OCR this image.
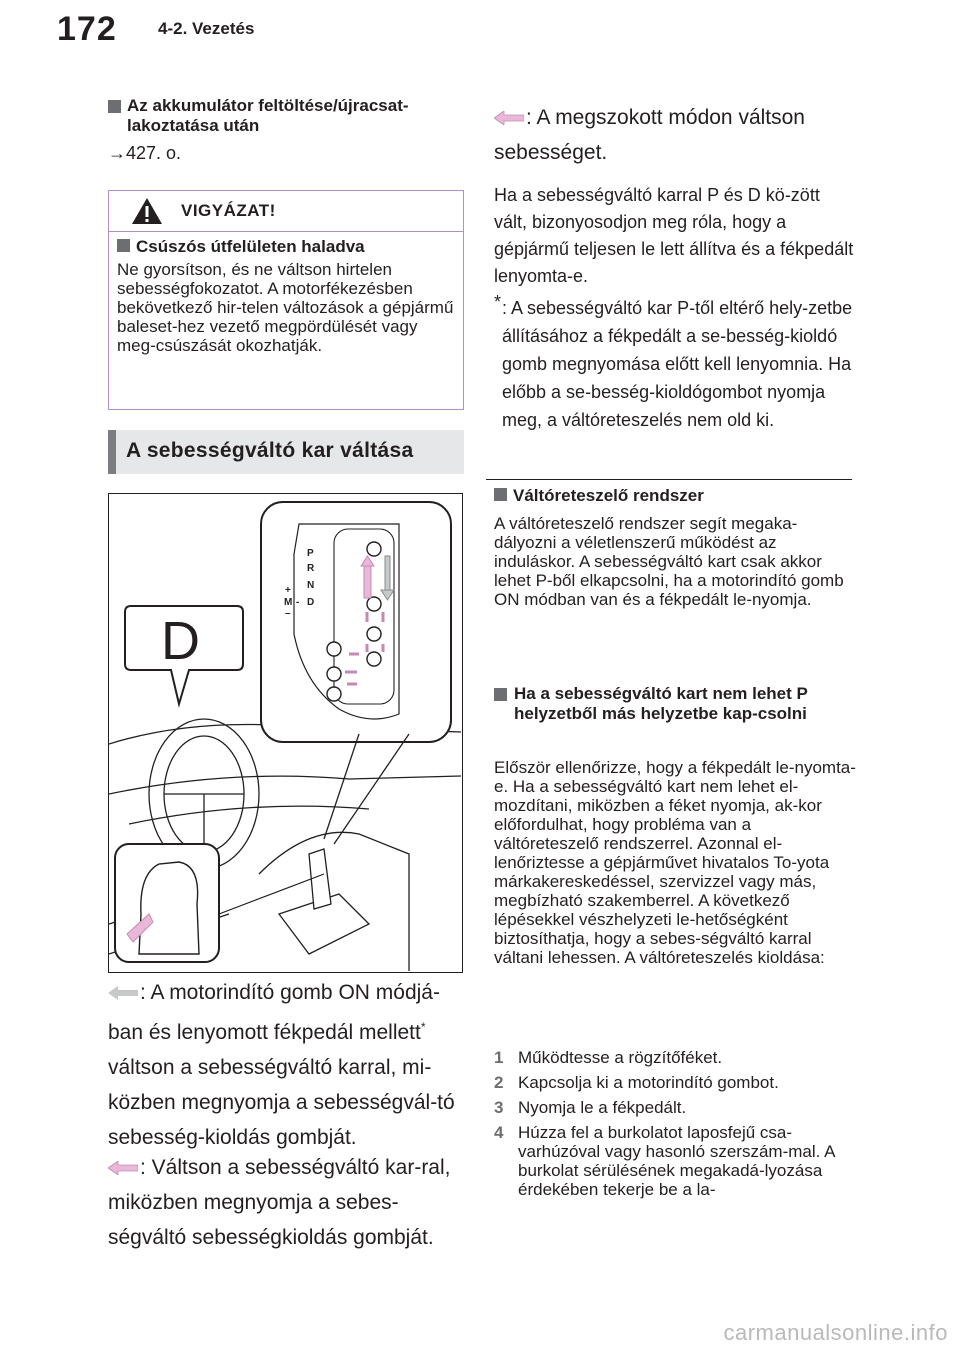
172 4-2. Vezetés
Az akkumulátor feltöltése/újracsat-lakoztatása után
→427. o.
VIGYÁZAT!
Csúszós útfelületen haladva
Ne gyorsítson, és ne váltson hirtelen sebességfokozatot. A motorfékezésben bekövetkező hir-telen változások a gépjármű baleset-hez vezető megpördülését vagy meg-csúszását okozhatják.
A sebességváltó kar váltása
P
R
N
D
+
M -
–
D
: A motorindító gomb ON módjá-ban és lenyomott fékpedál mellett* váltson a sebességváltó karral, mi-közben megnyomja a sebességvál-tó sebesség-kioldás gombját.
: Váltson a sebességváltó kar-ral, miközben megnyomja a sebes-ségváltó sebességkioldás gombját.
: A megszokott módon váltson sebességet.
Ha a sebességváltó karral P és D kö-zött vált, bizonyosodjon meg róla, hogy a gépjármű teljesen le lett állítva és a fékpedált lenyomta-e.
* : A sebességváltó kar P-től eltérő hely-zetbe állításához a fékpedált a se-besség-kioldó gomb megnyomása előtt kell lenyomnia. Ha előbb a se-besség-kioldógombot nyomja meg, a váltóreteszelés nem old ki.
Váltóreteszelő rendszer
A váltóreteszelő rendszer segít megaka-dályozni a véletlenszerű működést az induláskor. A sebességváltó kart csak akkor lehet P-ből elkapcsolni, ha a motorindító gomb ON módban van és a fékpedált le-nyomja.
Ha a sebességváltó kart nem lehet P helyzetből más helyzetbe kap-csolni
Először ellenőrizze, hogy a fékpedált le-nyomta-e. Ha a sebességváltó kart nem lehet el-mozdítani, miközben a féket nyomja, ak-kor előfordulhat, hogy probléma van a váltóreteszelő rendszerrel. Azonnal el-lenőriztesse a gépjárművet hivatalos To-yota márkakereskedéssel, szervizzel vagy más, megbízható szakemberrel. A következő lépésekkel vészhelyzeti le-hetőségként biztosíthatja, hogy a sebes-ségváltó karral váltani lehessen. A váltóreteszelés kioldása:
1 Működtesse a rögzítőféket.
2 Kapcsolja ki a motorindító gombot.
3 Nyomja le a fékpedált.
4 Húzza fel a burkolatot laposfejű csa-varhúzóval vagy hasonló szerszám-mal. A burkolat sérülésének megakadá-lyozása érdekében tekerje be a la-
carmanualsonline.info
